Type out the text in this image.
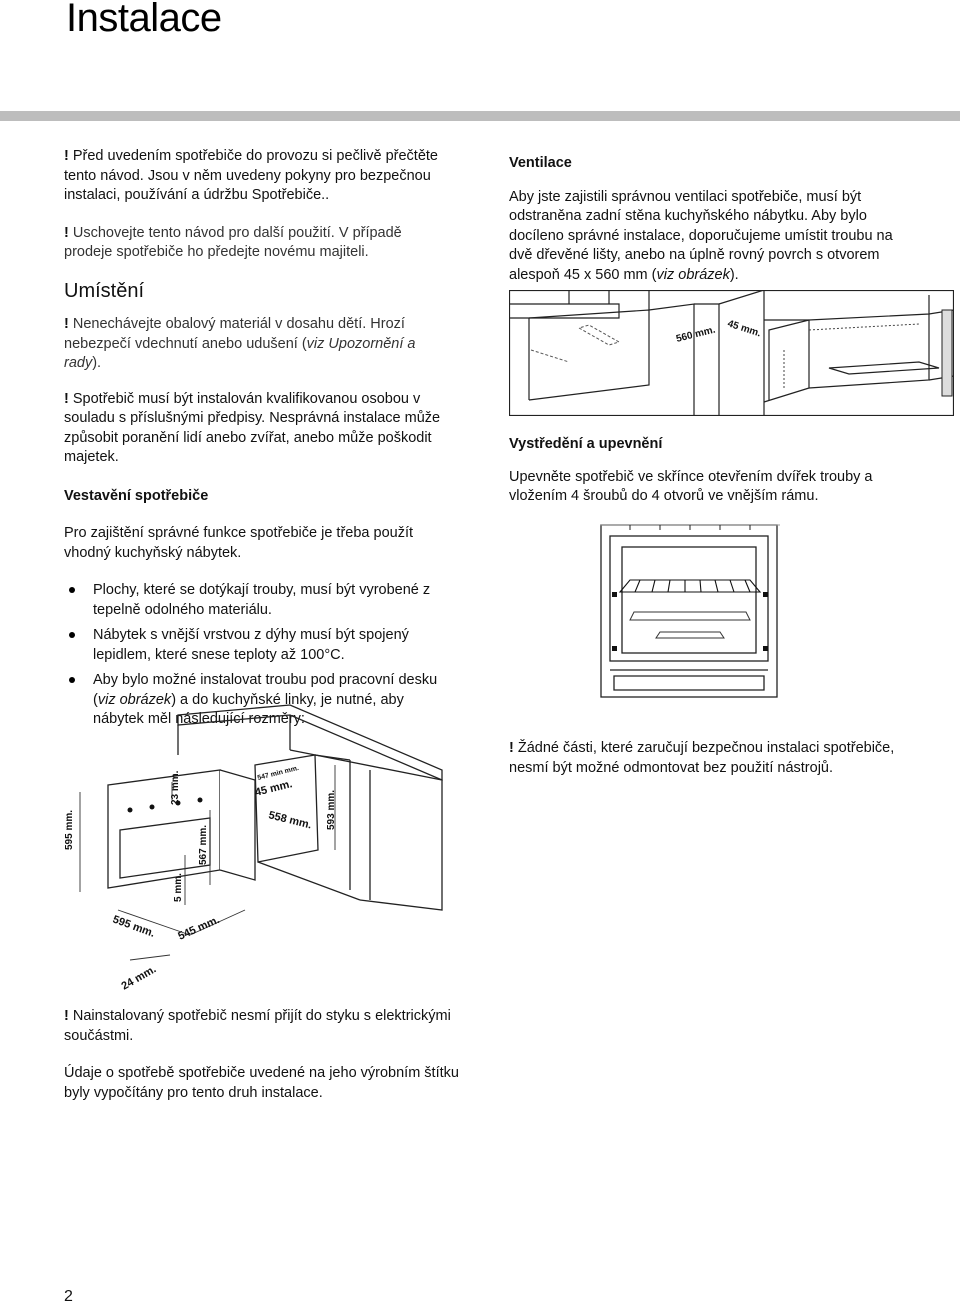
Instalace

! Před uvedením spotřebiče do provozu si pečlivě přečtěte tento návod. Jsou v něm uvedeny pokyny pro bezpečnou instalaci, používání a údržbu Spotřebiče..

! Uschovejte tento návod pro další použití. V případě prodeje spotřebiče ho předejte novému majiteli.

Umístění

! Nenechávejte obalový materiál v dosahu dětí. Hrozí nebezpečí vdechnutí anebo udušení (viz Upozornění a rady).

! Spotřebič musí být instalován kvalifikovanou osobou v souladu s příslušnými předpisy. Nesprávná instalace může způsobit poranění lidí anebo zvířat, anebo může poškodit majetek.

Vestavění spotřebiče

Pro zajištění správné funkce spotřebiče je třeba použít vhodný kuchyňský nábytek.

Plochy, které se dotýkají trouby, musí být vyrobené z tepelně odolného materiálu.
Nábytek s vnější vrstvou z dýhy musí být spojený lepidlem, které snese teploty až 100°C.
Aby bylo možné instalovat troubu pod pracovní desku (viz obrázek) a do kuchyňské linky, je nutné, aby nábytek měl následující rozměry:
Ventilace

Aby jste zajistili správnou ventilaci spotřebiče, musí být odstraněna zadní stěna kuchyňského nábytku. Aby bylo docíleno správné instalace, doporučujeme umístit troubu na dvě dřevěné lišty, anebo na úplně rovný povrch s otvorem alespoň 45 x 560 mm (viz obrázek).

560 mm. 45 mm.
Vystředění a upevnění

Upevněte spotřebič ve skřínce otevřením dvířek trouby a vložením 4 šroubů do 4 otvorů ve vnějším rámu.

595 mm.
23 mm.
567 mm.
5 mm.
547 min mm.
45 mm.
558 mm. 593 mm.
595 mm. 545 mm.
24 mm.

! Žádné části, které zaručují bezpečnou instalaci spotřebiče, nesmí být možné odmontovat bez použití nástrojů.

! Nainstalovaný spotřebič nesmí přijít do styku s elektrickými součástmi.

Údaje o spotřebě spotřebiče uvedené na jeho výrobním štítku byly vypočítány pro tento druh instalace.

2
